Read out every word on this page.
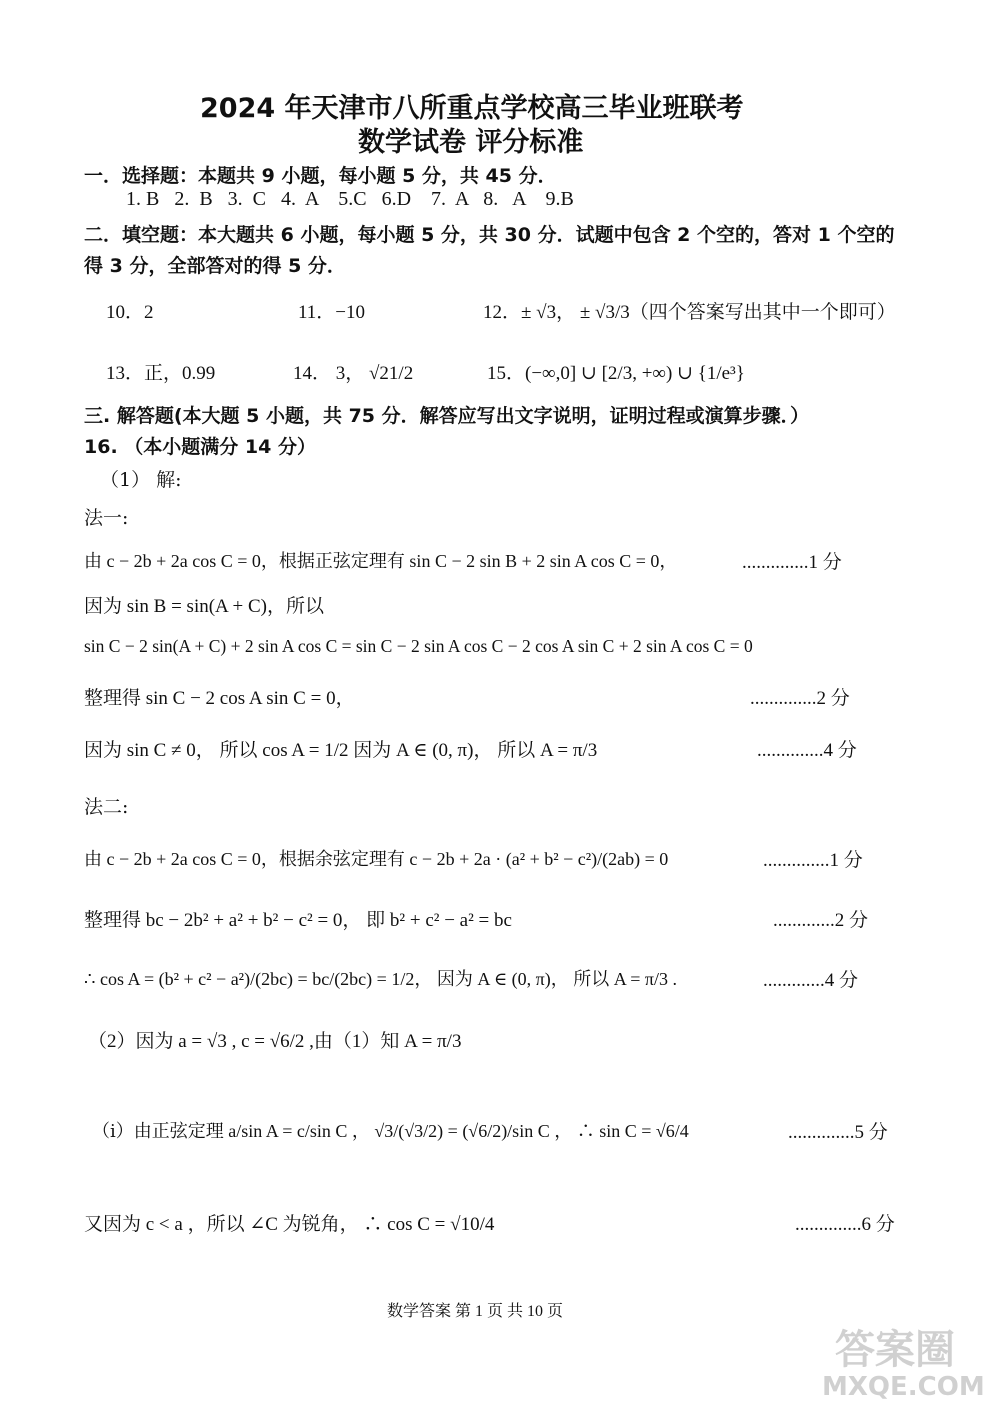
2024 年天津市八所重点学校高三毕业班联考
数学试卷 评分标准
一．选择题：本题共 9 小题，每小题 5 分，共 45 分．
1. B   2.  B   3.  C   4.  A    5.C   6.D    7.  A   8.   A    9.B
二．填空题：本大题共 6 小题，每小题 5 分，共 30 分．试题中包含 2 个空的，答对 1 个空的
得 3 分，全部答对的得 5 分．
10．2	11．−10	12．± √3， ± √3/3（四个答案写出其中一个即可）
13．正，0.99	14． 3， √21/2	15．(−∞,0] ∪ [2/3, +∞) ∪ {1/e³}
三. 解答题(本大题 5 小题，共 75 分．解答应写出文字说明，证明过程或演算步骤．）
16. （本小题满分 14 分）
（1） 解:
法一:
由 c − 2b + 2a cos C = 0，根据正弦定理有 sin C − 2 sin B + 2 sin A cos C = 0，	..............1 分
因为 sin B = sin(A + C)，所以
sin C − 2 sin(A + C) + 2 sin A cos C = sin C − 2 sin A cos C − 2 cos A sin C + 2 sin A cos C = 0
整理得 sin C − 2 cos A sin C = 0，	..............2 分
因为 sin C ≠ 0， 所以 cos A = 1/2 因为 A ∈ (0, π)， 所以 A = π/3	..............4 分
法二:
由 c − 2b + 2a cos C = 0，根据余弦定理有 c − 2b + 2a · (a² + b² − c²)/(2ab) = 0	..............1 分
整理得 bc − 2b² + a² + b² − c² = 0， 即 b² + c² − a² = bc	.............2 分
∴ cos A = (b² + c² − a²)/(2bc) = bc/(2bc) = 1/2， 因为 A ∈ (0, π)， 所以 A = π/3 .	.............4 分
（2）因为 a = √3 , c = √6/2 ,由（1）知 A = π/3
（ⅰ）由正弦定理 a/sin A = c/sin C ， √3/(√3/2) = (√6/2)/sin C ， ∴ sin C = √6/4	..............5 分
又因为 c < a ，所以 ∠C 为锐角， ∴ cos C = √10/4	..............6 分
数学答案 第 1 页 共 10 页
答案圈
MXQE.COM
